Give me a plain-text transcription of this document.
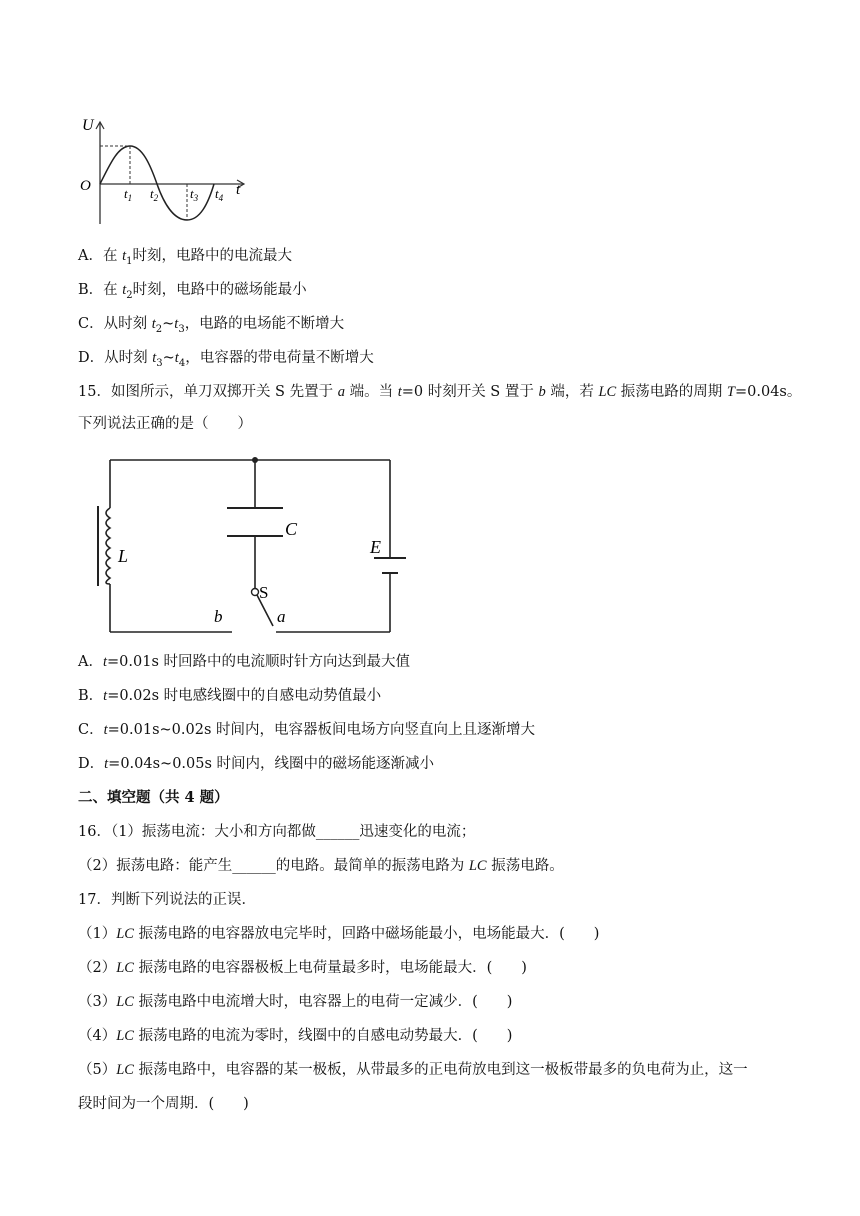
U
O	t
$t_1$ $t_2$ $t_3$ $t_4$
A．在 $t_1$时刻，电路中的电流最大
B．在 $t_2$时刻，电路中的磁场能最小
C．从时刻 $t_2\sim t_3$，电路的电场能不断增大
D．从时刻 $t_3\sim t_4$，电容器的带电荷量不断增大
15．如图所示，单刀双掷开关 S 先置于 a 端。当 t=0 时刻开关 S 置于 b 端，若 LC 振荡电路的周期 T=0.04s。
下列说法正确的是（　　）
C
L	E
S
a
b
A．t=0.01s 时回路中的电流顺时针方向达到最大值
B．t=0.02s 时电感线圈中的自感电动势值最小
C．t=0.01s~0.02s 时间内，电容器板间电场方向竖直向上且逐渐增大
D．t=0.04s~0.05s 时间内，线圈中的磁场能逐渐减小
二、填空题（共 4 题）
16．（1）振荡电流：大小和方向都做______迅速变化的电流；
（2）振荡电路：能产生______的电路。最简单的振荡电路为 LC 振荡电路。
17．判断下列说法的正误．
（1）LC 振荡电路的电容器放电完毕时，回路中磁场能最小，电场能最大．(　　)
（2）LC 振荡电路的电容器极板上电荷量最多时，电场能最大．(　　)
（3）LC 振荡电路中电流增大时，电容器上的电荷一定减少．(　　)
（4）LC 振荡电路的电流为零时，线圈中的自感电动势最大．(　　)
（5）LC 振荡电路中，电容器的某一极板，从带最多的正电荷放电到这一极板带最多的负电荷为止，这一
段时间为一个周期．(　　)
